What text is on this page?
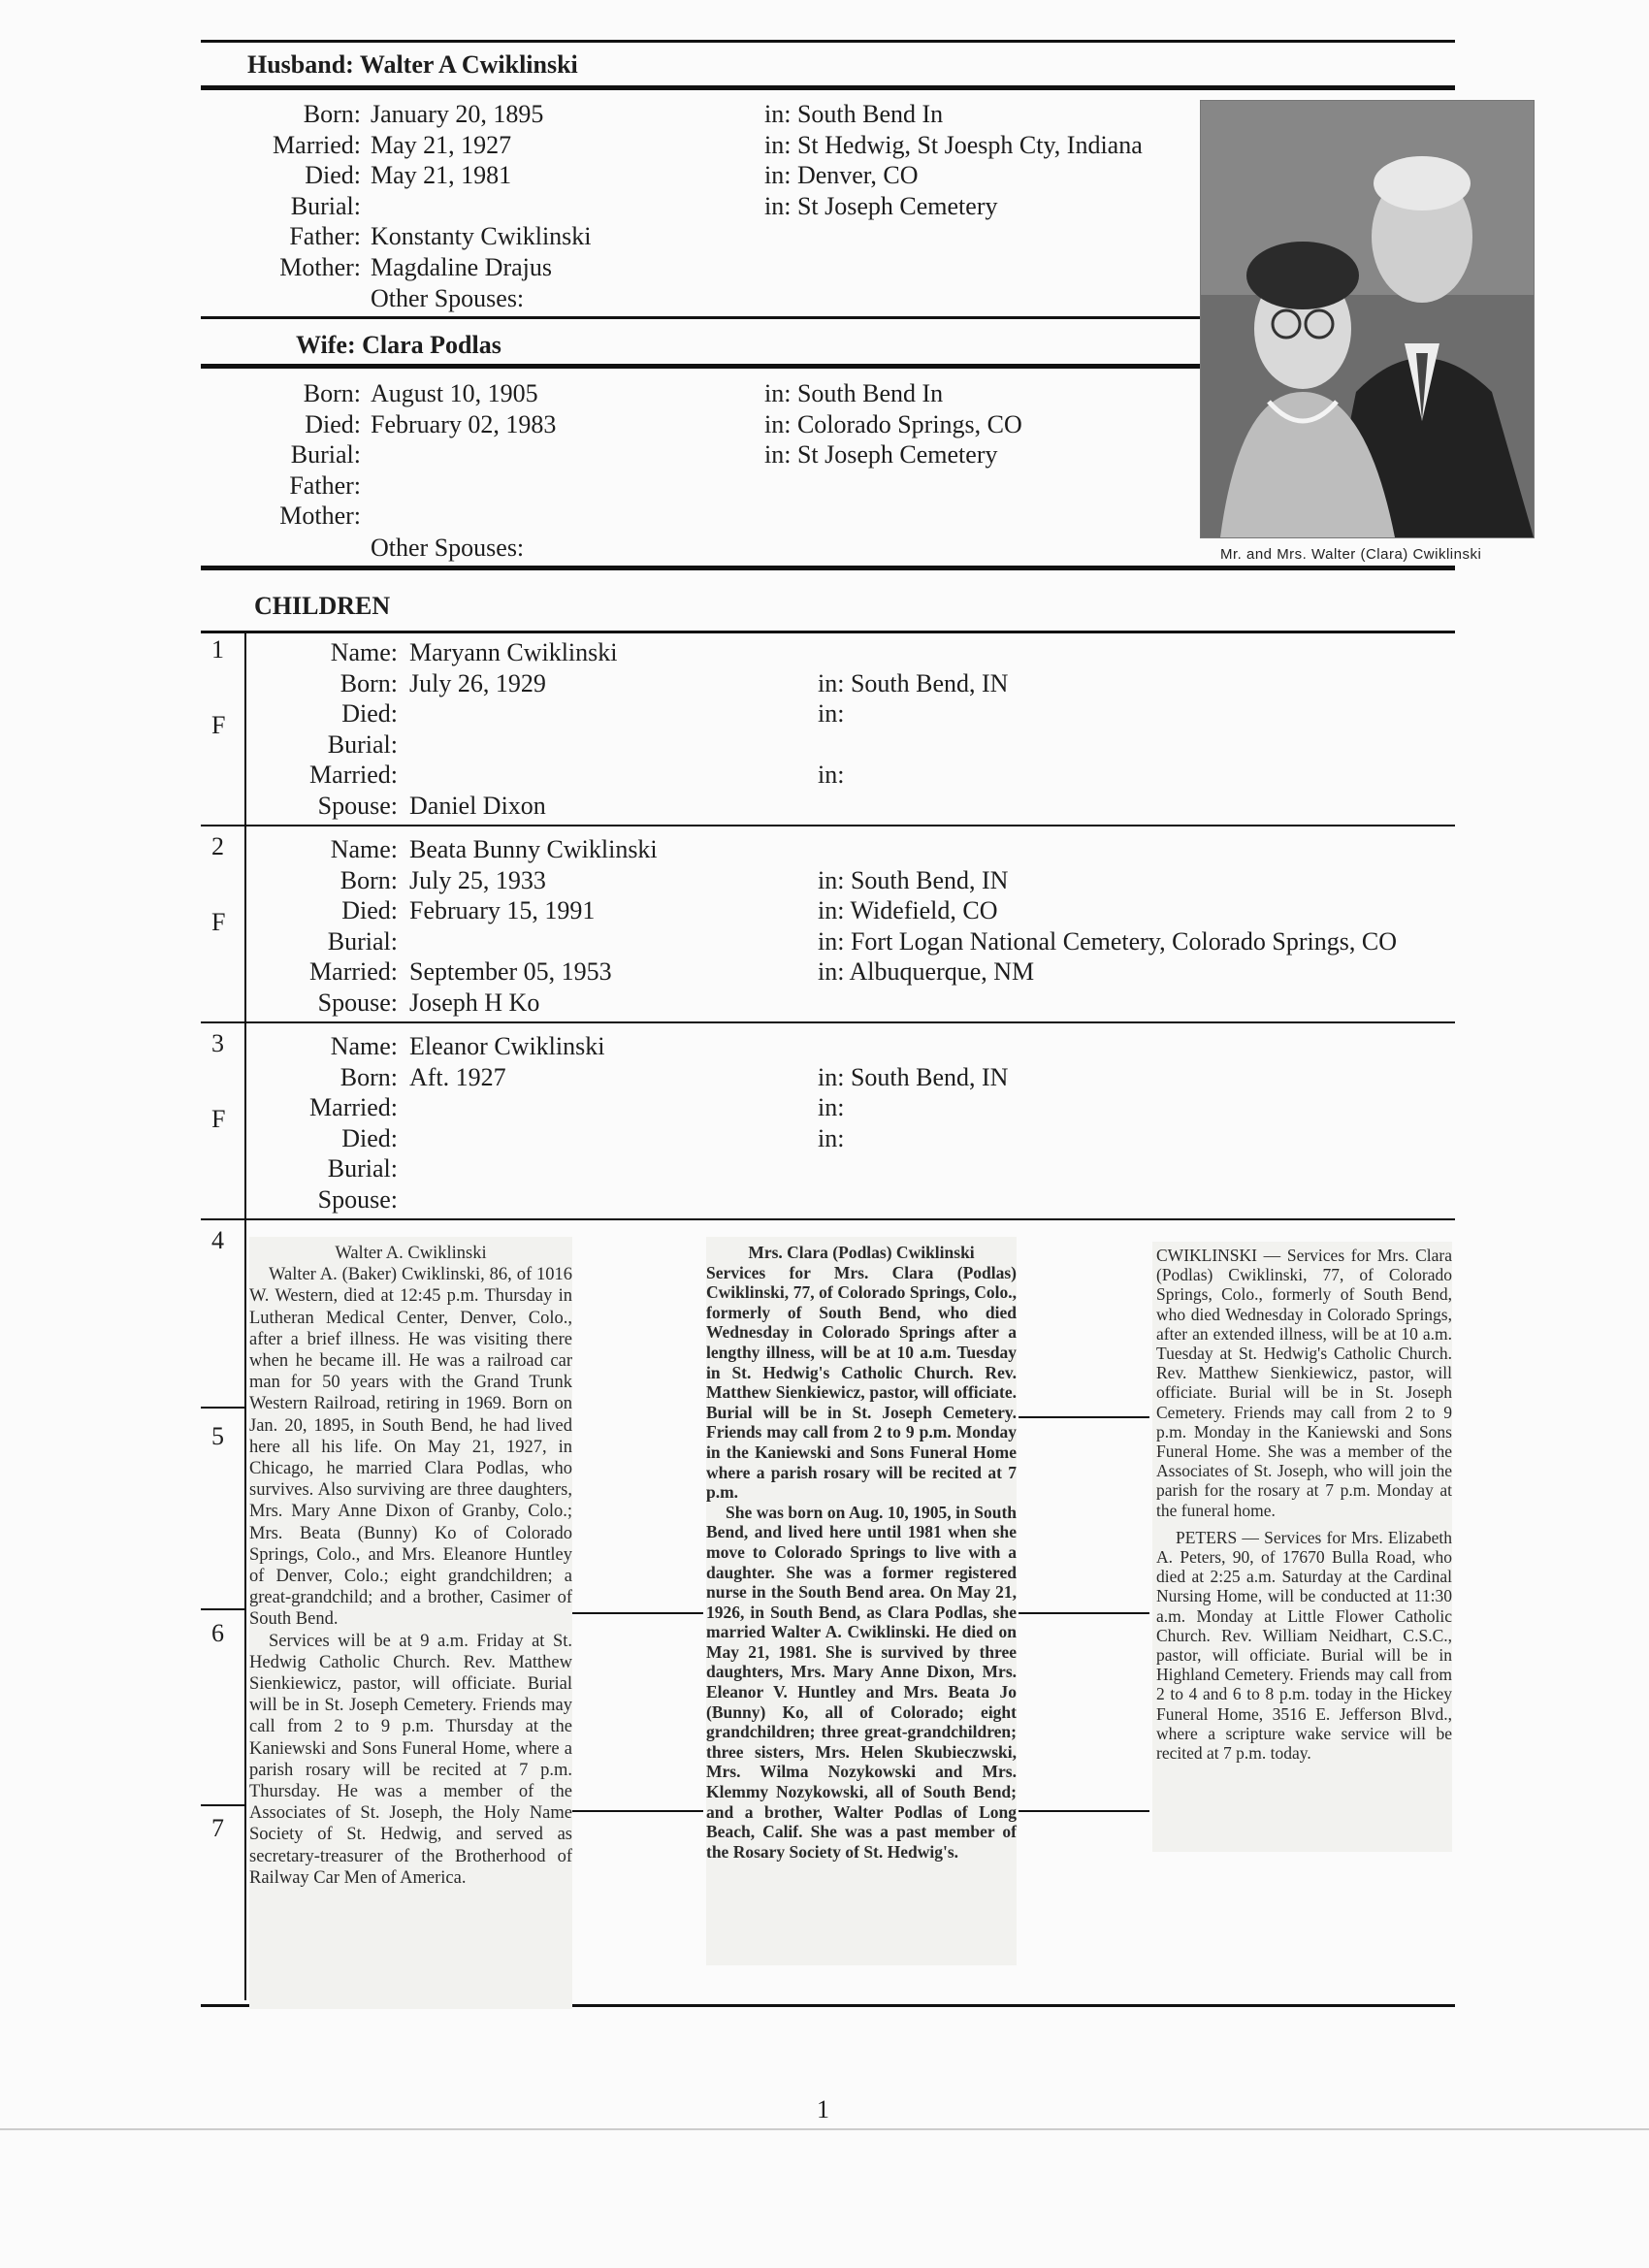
Husband: Walter A Cwiklinski
Born: January 20, 1895	in: South Bend In
Married: May 21, 1927	in: St Hedwig, St Joesph Cty, Indiana
Died: May 21, 1981	in: Denver, CO
Burial:	in: St Joseph Cemetery
Father: Konstanty Cwiklinski
Mother: Magdaline Drajus
Other Spouses:
Wife: Clara Podlas
Born: August 10, 1905	in: South Bend In
Died: February 02, 1983	in: Colorado Springs, CO
Burial:	in: St Joseph Cemetery
Father:
Mother:
Other Spouses:	Mr. and Mrs. Walter (Clara) Cwiklinski
CHILDREN
1
F
Name: Maryann Cwiklinski
Born: July 26, 1929	in: South Bend, IN
Died:	in:
Burial:
Married:	in:
Spouse: Daniel Dixon
2
F
Name: Beata Bunny Cwiklinski
Born: July 25, 1933	in: South Bend, IN
Died: February 15, 1991	in: Widefield, CO
Burial:	in: Fort Logan National Cemetery, Colorado Springs, CO
Married: September 05, 1953	in: Albuquerque, NM
Spouse: Joseph H Ko
3
F
Name: Eleanor Cwiklinski
Born: Aft. 1927	in: South Bend, IN
Married:	in:
Died:	in:
Burial:
Spouse:
4
5
6
7

Walter A. Cwiklinski

Walter A. (Baker) Cwiklinski, 86, of 1016 W. Western, died at 12:45 p.m. Thursday in Lutheran Medical Center, Denver, Colo., after a brief illness. He was visiting there when he became ill. He was a railroad car man for 50 years with the Grand Trunk Western Railroad, retiring in 1969. Born on Jan. 20, 1895, in South Bend, he had lived here all his life. On May 21, 1927, in Chicago, he married Clara Podlas, who survives. Also surviving are three daughters, Mrs. Mary Anne Dixon of Granby, Colo.; Mrs. Beata (Bunny) Ko of Colorado Springs, Colo., and Mrs. Eleanore Huntley of Denver, Colo.; eight grandchildren; a great-grandchild; and a brother, Casimer of South Bend.

Services will be at 9 a.m. Friday at St. Hedwig Catholic Church. Rev. Matthew Sienkiewicz, pastor, will officiate. Burial will be in St. Joseph Cemetery. Friends may call from 2 to 9 p.m. Thursday at the Kaniewski and Sons Funeral Home, where a parish rosary will be recited at 7 p.m. Thursday. He was a member of the Associates of St. Joseph, the Holy Name Society of St. Hedwig, and served as secretary-treasurer of the Brotherhood of Railway Car Men of America.

Mrs. Clara (Podlas) Cwiklinski

Services for Mrs. Clara (Podlas) Cwiklinski, 77, of Colorado Springs, Colo., formerly of South Bend, who died Wednesday in Colorado Springs after a lengthy illness, will be at 10 a.m. Tuesday in St. Hedwig's Catholic Church. Rev. Matthew Sienkiewicz, pastor, will officiate. Burial will be in St. Joseph Cemetery. Friends may call from 2 to 9 p.m. Monday in the Kaniewski and Sons Funeral Home where a parish rosary will be recited at 7 p.m.

She was born on Aug. 10, 1905, in South Bend, and lived here until 1981 when she move to Colorado Springs to live with a daughter. She was a former registered nurse in the South Bend area. On May 21, 1926, in South Bend, as Clara Podlas, she married Walter A. Cwiklinski. He died on May 21, 1981. She is survived by three daughters, Mrs. Mary Anne Dixon, Mrs. Eleanor V. Huntley and Mrs. Beata Jo (Bunny) Ko, all of Colorado; eight grandchildren; three great-grandchildren; three sisters, Mrs. Helen Skubieczwski, Mrs. Wilma Nozykowski and Mrs. Klemmy Nozykowski, all of South Bend; and a brother, Walter Podlas of Long Beach, Calif. She was a past member of the Rosary Society of St. Hedwig's.

CWIKLINSKI — Services for Mrs. Clara (Podlas) Cwiklinski, 77, of Colorado Springs, Colo., formerly of South Bend, who died Wednesday in Colorado Springs, after an extended illness, will be at 10 a.m. Tuesday at St. Hedwig's Catholic Church. Rev. Matthew Sienkiewicz, pastor, will officiate. Burial will be in St. Joseph Cemetery. Friends may call from 2 to 9 p.m. Monday in the Kaniewski and Sons Funeral Home. She was a member of the Associates of St. Joseph, who will join the parish for the rosary at 7 p.m. Monday at the funeral home.

PETERS — Services for Mrs. Elizabeth A. Peters, 90, of 17670 Bulla Road, who died at 2:25 a.m. Saturday at the Cardinal Nursing Home, will be conducted at 11:30 a.m. Monday at Little Flower Catholic Church. Rev. William Neidhart, C.S.C., pastor, will officiate. Burial will be in Highland Cemetery. Friends may call from 2 to 4 and 6 to 8 p.m. today in the Hickey Funeral Home, 3516 E. Jefferson Blvd., where a scripture wake service will be recited at 7 p.m. today.

1
